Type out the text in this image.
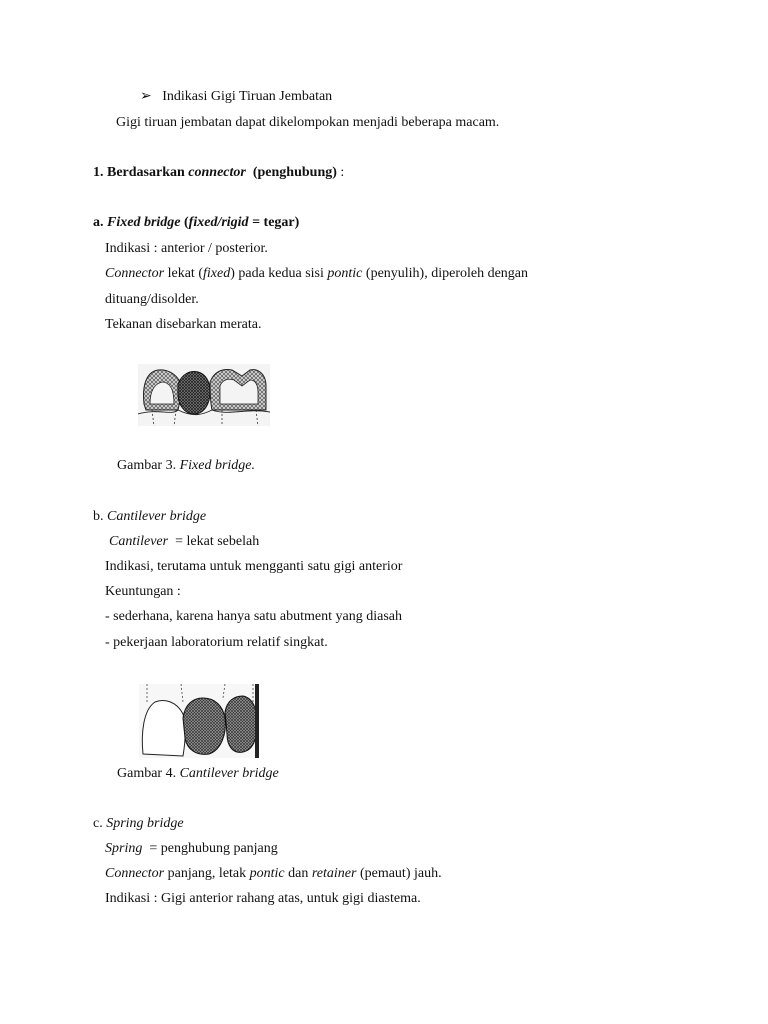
➢ Indikasi Gigi Tiruan Jembatan
Gigi tiruan jembatan dapat dikelompokan menjadi beberapa macam.
1. Berdasarkan connector (penghubung) :
a. Fixed bridge (fixed/rigid = tegar)
Indikasi : anterior / posterior.
Connector lekat (fixed) pada kedua sisi pontic (penyulih), diperoleh dengan
dituang/disolder.
Tekanan disebarkan merata.
Gambar 3. Fixed bridge.
b. Cantilever bridge
Cantilever  = lekat sebelah
Indikasi, terutama untuk mengganti satu gigi anterior
Keuntungan :
- sederhana, karena hanya satu abutment yang diasah
- pekerjaan laboratorium relatif singkat.
Gambar 4. Cantilever bridge
c. Spring bridge
Spring  = penghubung panjang
Connector panjang, letak pontic dan retainer (pemaut) jauh.
Indikasi : Gigi anterior rahang atas, untuk gigi diastema.
